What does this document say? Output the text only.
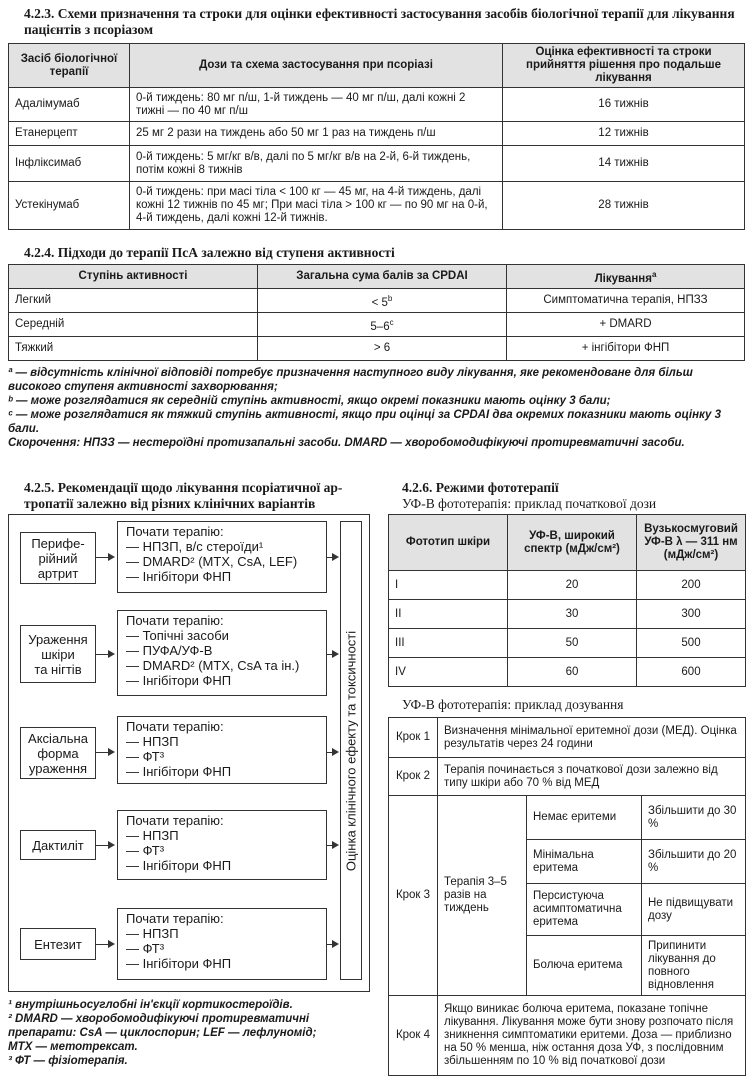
4.2.3. Схеми призначення та строки для оцінки ефективності застосування засобів біологічної терапії для лікування
пацієнтів з псоріазом
Засіб біологічної терапії	Дози та схема застосування при псоріазі	Оцінка ефективності та строки прийняття рішення про подальше лікування
Адалімумаб	0-й тиждень: 80 мг п/ш, 1-й тиждень — 40 мг п/ш, далі кожні 2 тижні — по 40 мг п/ш	16 тижнів
Етанерцепт	25 мг 2 рази на тиждень або 50 мг 1 раз на тиждень п/ш	12 тижнів
Інфліксимаб	0-й тиждень: 5 мг/кг в/в, далі по 5 мг/кг в/в на 2-й, 6-й тиждень, потім кожні 8 тижнів	14 тижнів
Устекінумаб	0-й тиждень: при масі тіла < 100 кг — 45 мг, на 4-й тиждень, далі кожні 12 тижнів по 45 мг; При масі тіла > 100 кг — по 90 мг на 0-й, 4-й тиждень, далі кожні 12-й тижнів.	28 тижнів
4.2.4. Підходи до терапії ПсА залежно від ступеня активності
Ступінь активності	Загальна сума балів за CPDAI	Лікування$^a$
Легкий	< $5^b$	Симптоматична терапія, НПЗЗ
Середній	$5-6^c$	+ DMARD
Тяжкий	> 6	+ інгібітори ФНП
ª — відсутність клінічної відповіді потребує призначення наступного виду лікування, яке рекомендоване для більш
високого ступеня активності захворювання;
ᵇ — може розглядатися як середній ступінь активності, якщо окремі показники мають оцінку 3 бали;
ᶜ — може розглядатися як тяжкий ступінь активності, якщо при оцінці за CPDAI два окремих показники мають оцінку 3
бали.
Скорочення: НПЗЗ — нестероїдні протизапальні засоби. DMARD — хворобомодифікуючі протиревматичні засоби.
4.2.5. Рекомендації щодо лікування псоріатичної ар-
тропатії залежно від різних клінічних варіантів
Перифе-
рійний
артрит
Почати терапію:
— НПЗП, в/с стероїди¹
— DMARD² (MTX, CsA, LEF)
— Інгібітори ФНП
Ураження
шкіри
та нігтів
Почати терапію:
— Топічні засоби
— ПУФА/УФ-В
— DMARD² (MTX, CsA та ін.)
— Інгібітори ФНП
Аксіальна
форма
ураження
Почати терапію:
— НПЗП
— ФТ³
— Інгібітори ФНП
Дактиліт
Почати терапію:
— НПЗП
— ФТ³
— Інгібітори ФНП
Ентезит
Почати терапію:
— НПЗП
— ФТ³
— Інгібітори ФНП
Оцінка клінічного ефекту та токсичності
¹ внутрішньосуглобні ін'єкції кортикостероїдів.
² DMARD — хворобомодифікуючі протиревматичні
препарати: CsA — циклоспорин; LEF — лефлуномід;
MTX — метотрексат.
³ ФТ — фізіотерапія.
4.2.6. Режими фототерапії
УФ-В фототерапія: приклад початкової дози
Фототип шкіри	УФ-В, широкий спектр (мДж/см²)	Вузькосмуговий УФ-В λ — 311 нм (мДж/см²)
I	20	200
II	30	300
III	50	500
IV	60	600
УФ-В фототерапія: приклад дозування
Крок 1	Визначення мінімальної еритемної дози (МЕД). Оцінка результатів через 24 години		
Крок 2	Терапія починається з початкової дози залежно від типу шкіри або 70 % від МЕД		
Крок 3	Терапія 3–5 разів на тиждень	Немає еритеми	Збільшити до 30 %
		Мінімальна еритема	Збільшити до 20 %
		Персистуюча асимптоматична еритема	Не підвищувати дозу
		Болюча еритема	Припинити лікування до повного відновлення
Крок 4	Якщо виникає болюча еритема, показане топічне лікування. Лікування може бути знову розпочато після зникнення симптоматики еритеми. Доза — приблизно на 50 % менша, ніж остання доза УФ, з послідовним збільшенням по 10 % від початкової дози		
